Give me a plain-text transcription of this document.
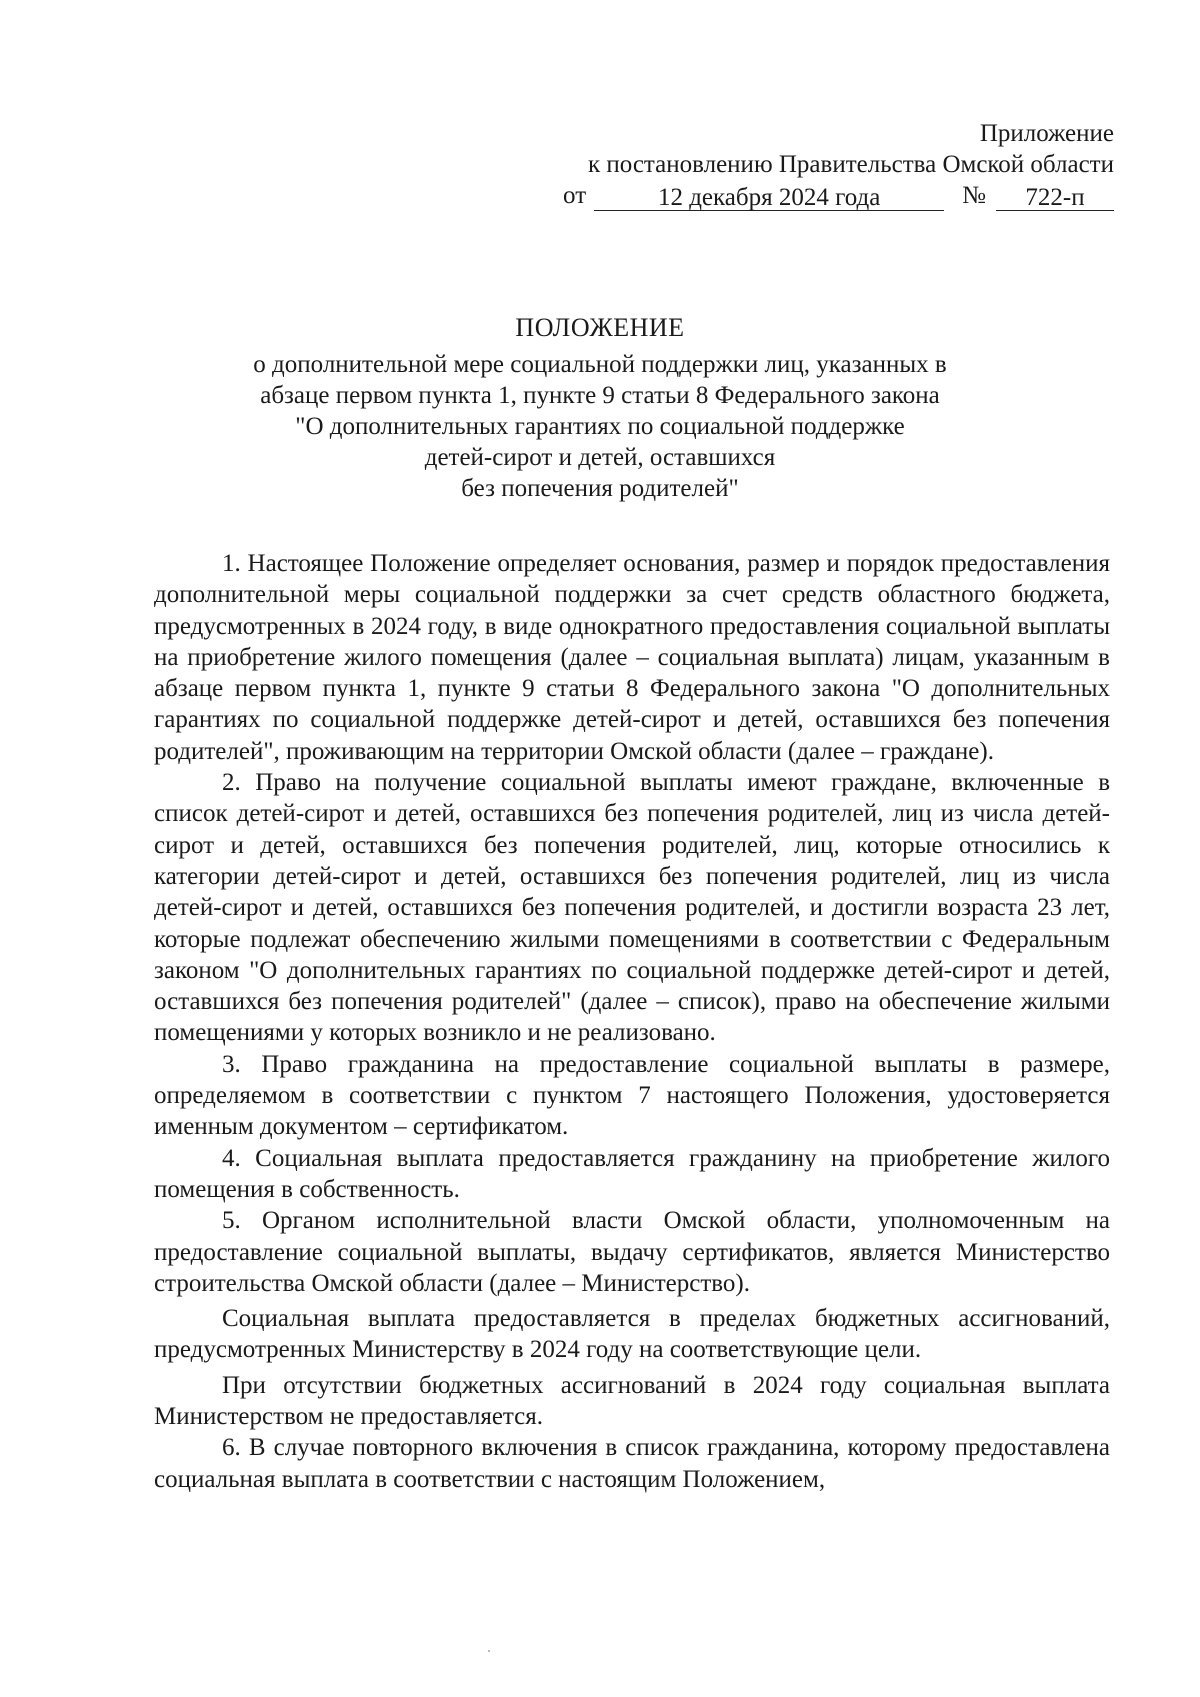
Приложение
к постановлению Правительства Омской области
от	12 декабря 2024 года	№	722-п
ПОЛОЖЕНИЕ
о дополнительной мере социальной поддержки лиц, указанных в
абзаце первом пункта 1, пункте 9 статьи 8 Федерального закона
"О дополнительных гарантиях по социальной поддержке
детей-сирот и детей, оставшихся
без попечения родителей"

1. Настоящее Положение определяет основания, размер и порядок предоставления дополнительной меры социальной поддержки за счет средств областного бюджета, предусмотренных в 2024 году, в виде однократного предоставления социальной выплаты на приобретение жилого помещения (далее – социальная выплата) лицам, указанным в абзаце первом пункта 1, пункте 9 статьи 8 Федерального закона "О дополнительных гарантиях по социальной поддержке детей-сирот и детей, оставшихся без попечения родителей", проживающим на территории Омской области (далее – граждане).

2. Право на получение социальной выплаты имеют граждане, включенные в список детей-сирот и детей, оставшихся без попечения родителей, лиц из числа детей-сирот и детей, оставшихся без попечения родителей, лиц, которые относились к категории детей-сирот и детей, оставшихся без попечения родителей, лиц из числа детей-сирот и детей, оставшихся без попечения родителей, и достигли возраста 23 лет, которые подлежат обеспечению жилыми помещениями в соответствии с Федеральным законом "О дополнительных гарантиях по социальной поддержке детей-сирот и детей, оставшихся без попечения родителей" (далее – список), право на обеспечение жилыми помещениями у которых возникло и не реализовано.

3. Право гражданина на предоставление социальной выплаты в размере, определяемом в соответствии с пунктом 7 настоящего Положения, удостоверяется именным документом – сертификатом.

4. Социальная выплата предоставляется гражданину на приобретение жилого помещения в собственность.

5. Органом исполнительной власти Омской области, уполномоченным на предоставление социальной выплаты, выдачу сертификатов, является Министерство строительства Омской области (далее – Министерство).

Социальная выплата предоставляется в пределах бюджетных ассигнований, предусмотренных Министерству в 2024 году на соответствующие цели.

При отсутствии бюджетных ассигнований в 2024 году социальная выплата Министерством не предоставляется.

6. В случае повторного включения в список гражданина, которому предоставлена социальная выплата в соответствии с настоящим Положением,
